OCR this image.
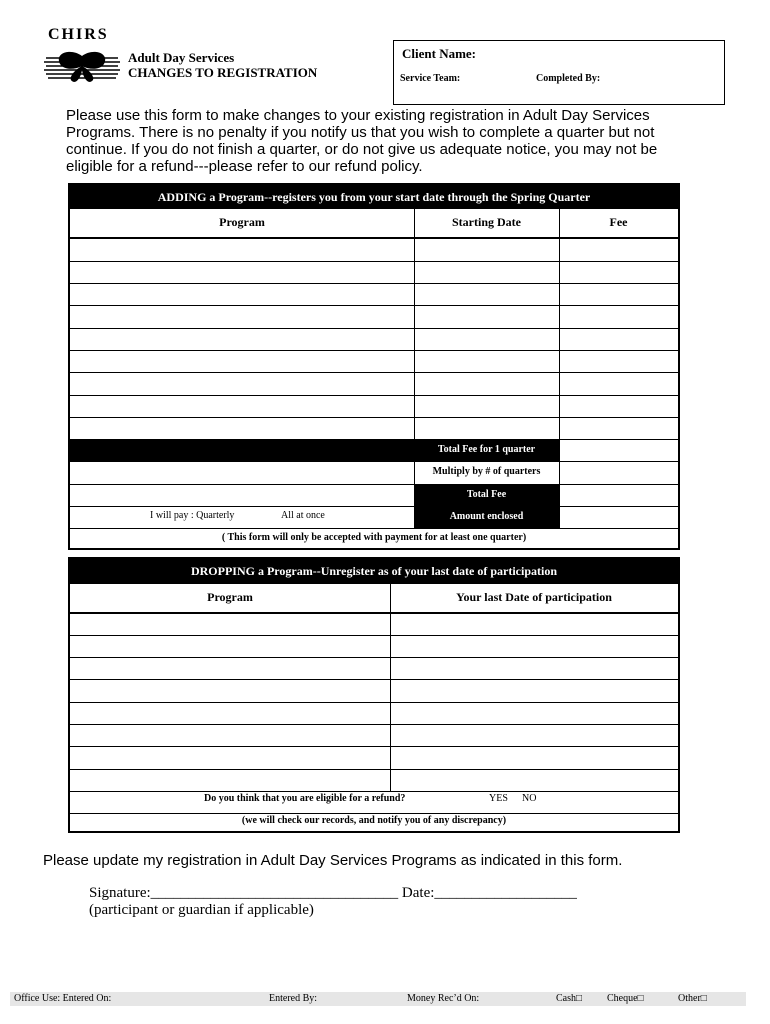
CHIRS
Adult Day Services
CHANGES TO REGISTRATION
Client Name:
Service Team:	Completed By:
Please use this form to make changes to your existing registration in Adult Day Services Programs. There is no penalty if you notify us that you wish to complete a quarter but not continue. If you do not finish a quarter, or do not give us adequate notice, you may not be eligible for a refund---please refer to our refund policy.
ADDING a Program--registers you from your start date through the Spring Quarter
Program	Starting Date	Fee
Total Fee for 1 quarter
Multiply by # of quarters
Total Fee
Amount enclosed
I will pay : Quarterly	All at once
( This form will only be accepted with payment for at least one quarter)
DROPPING a Program--Unregister as of your last date of participation
Program	Your last Date of participation
Do you think that you are eligible for a refund?	YES NO
(we will check our records, and notify you of any discrepancy)
Please update my registration in Adult Day Services Programs as indicated in this form.
Signature:_________________________________ Date:___________________
(participant or guardian if applicable)
Office Use: Entered On:	Entered By:	Money Rec’d On:	Cash□ Cheque□	Other□
